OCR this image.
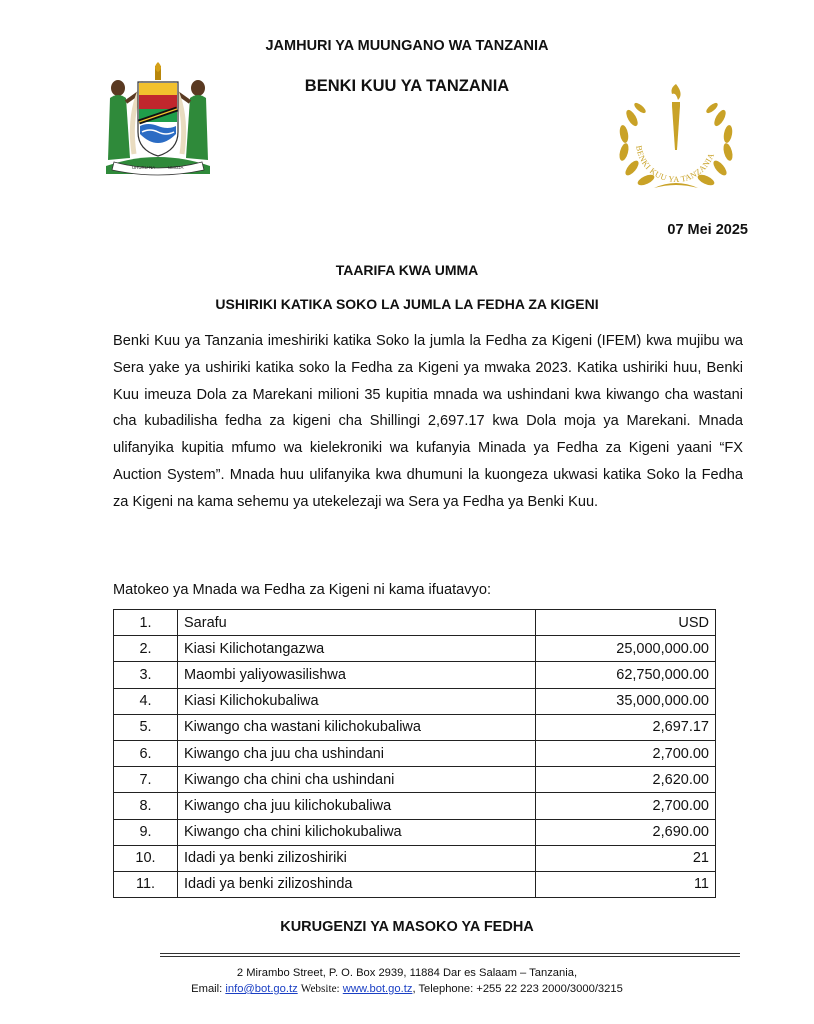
JAMHURI YA MUUNGANO WA TANZANIA
BENKI KUU YA TANZANIA
UHURU NA	UMOJA
BENKI KUU YA TANZANIA
07 Mei 2025
TAARIFA KWA UMMA
USHIRIKI KATIKA SOKO LA JUMLA LA FEDHA ZA KIGENI

Benki Kuu ya Tanzania imeshiriki katika Soko la jumla la Fedha za Kigeni (IFEM) kwa mujibu wa Sera yake ya ushiriki katika soko la Fedha za Kigeni ya mwaka 2023. Katika ushiriki huu, Benki Kuu imeuza Dola za Marekani milioni 35 kupitia mnada wa ushindani kwa kiwango cha wastani cha kubadilisha fedha za kigeni cha Shillingi 2,697.17 kwa Dola moja ya Marekani. Mnada ulifanyika kupitia mfumo wa kielekroniki wa kufanyia Minada ya Fedha za Kigeni yaani “FX Auction System”. Mnada huu ulifanyika kwa dhumuni la kuongeza ukwasi katika Soko la Fedha za Kigeni na kama sehemu ya utekelezaji wa Sera ya Fedha ya Benki Kuu.

Matokeo ya Mnada wa Fedha za Kigeni ni kama ifuatavyo:
1.	Sarafu	USD
2.	Kiasi Kilichotangazwa	25,000,000.00
3.	Maombi yaliyowasilishwa	62,750,000.00
4.	Kiasi Kilichokubaliwa	35,000,000.00
5.	Kiwango cha wastani kilichokubaliwa	2,697.17
6.	Kiwango cha juu cha ushindani	2,700.00
7.	Kiwango cha chini cha ushindani	2,620.00
8.	Kiwango cha juu kilichokubaliwa	2,700.00
9.	Kiwango cha chini kilichokubaliwa	2,690.00
10.	Idadi ya benki zilizoshiriki	21
11.	Idadi ya benki zilizoshinda	11
KURUGENZI YA MASOKO YA FEDHA
2 Mirambo Street, P. O. Box 2939, 11884 Dar es Salaam – Tanzania,
Email: info@bot.go.tz Website: www.bot.go.tz, Telephone: +255 22 223 2000/3000/3215
